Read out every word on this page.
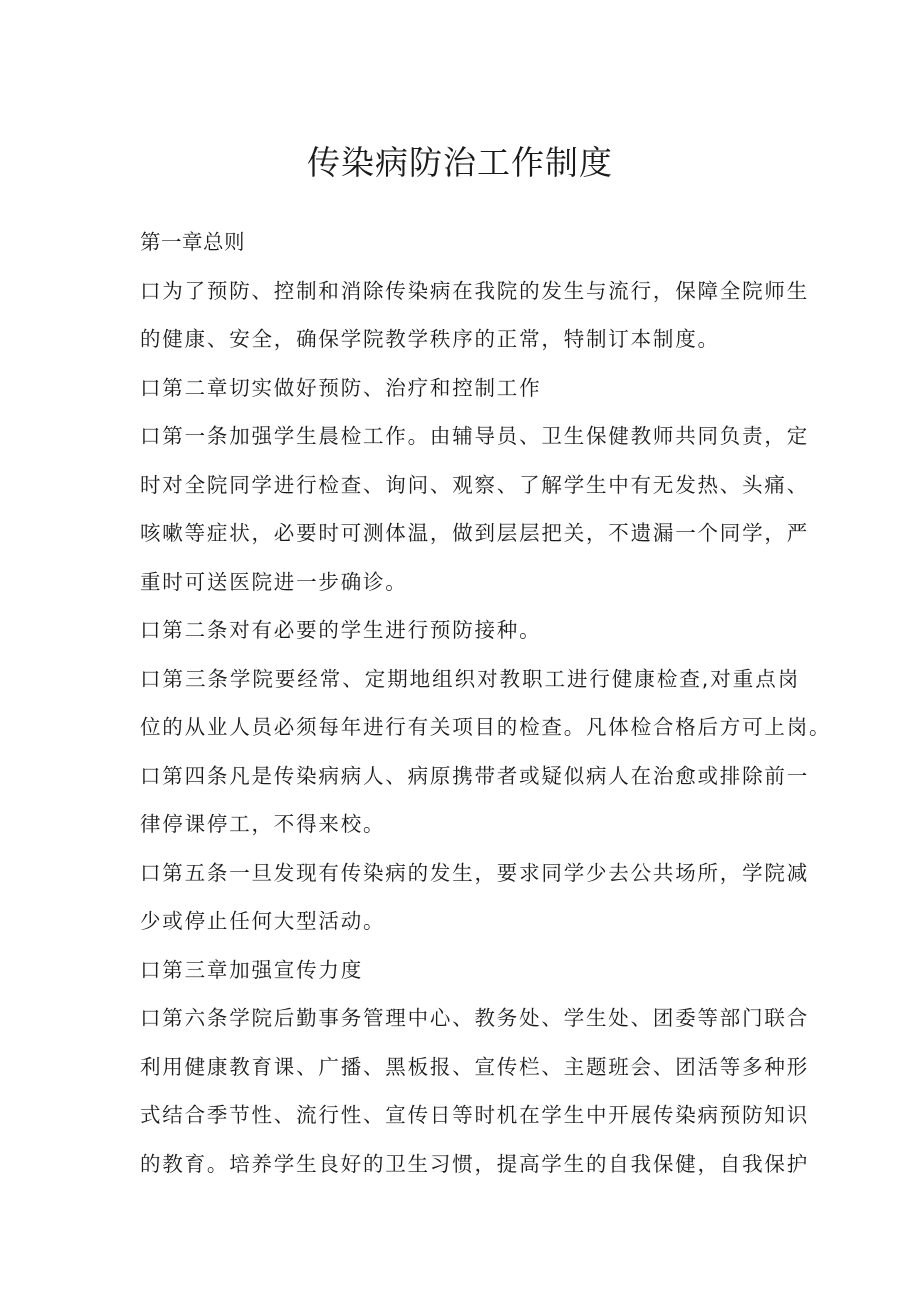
传染病防治工作制度
第一章总则
口为了预防、控制和消除传染病在我院的发生与流行，保障全院师生
的健康、安全，确保学院教学秩序的正常，特制订本制度。
口第二章切实做好预防、治疗和控制工作
口第一条加强学生晨检工作。由辅导员、卫生保健教师共同负责，定
时对全院同学进行检查、询问、观察、了解学生中有无发热、头痛、
咳嗽等症状，必要时可测体温，做到层层把关，不遗漏一个同学，严
重时可送医院进一步确诊。
口第二条对有必要的学生进行预防接种。
口第三条学院要经常、定期地组织对教职工进行健康检查,对重点岗
位的从业人员必须每年进行有关项目的检查。凡体检合格后方可上岗。
口第四条凡是传染病病人、病原携带者或疑似病人在治愈或排除前一
律停课停工，不得来校。
口第五条一旦发现有传染病的发生，要求同学少去公共场所，学院减
少或停止任何大型活动。
口第三章加强宣传力度
口第六条学院后勤事务管理中心、教务处、学生处、团委等部门联合
利用健康教育课、广播、黑板报、宣传栏、主题班会、团活等多种形
式结合季节性、流行性、宣传日等时机在学生中开展传染病预防知识
的教育。培养学生良好的卫生习惯，提高学生的自我保健，自我保护
